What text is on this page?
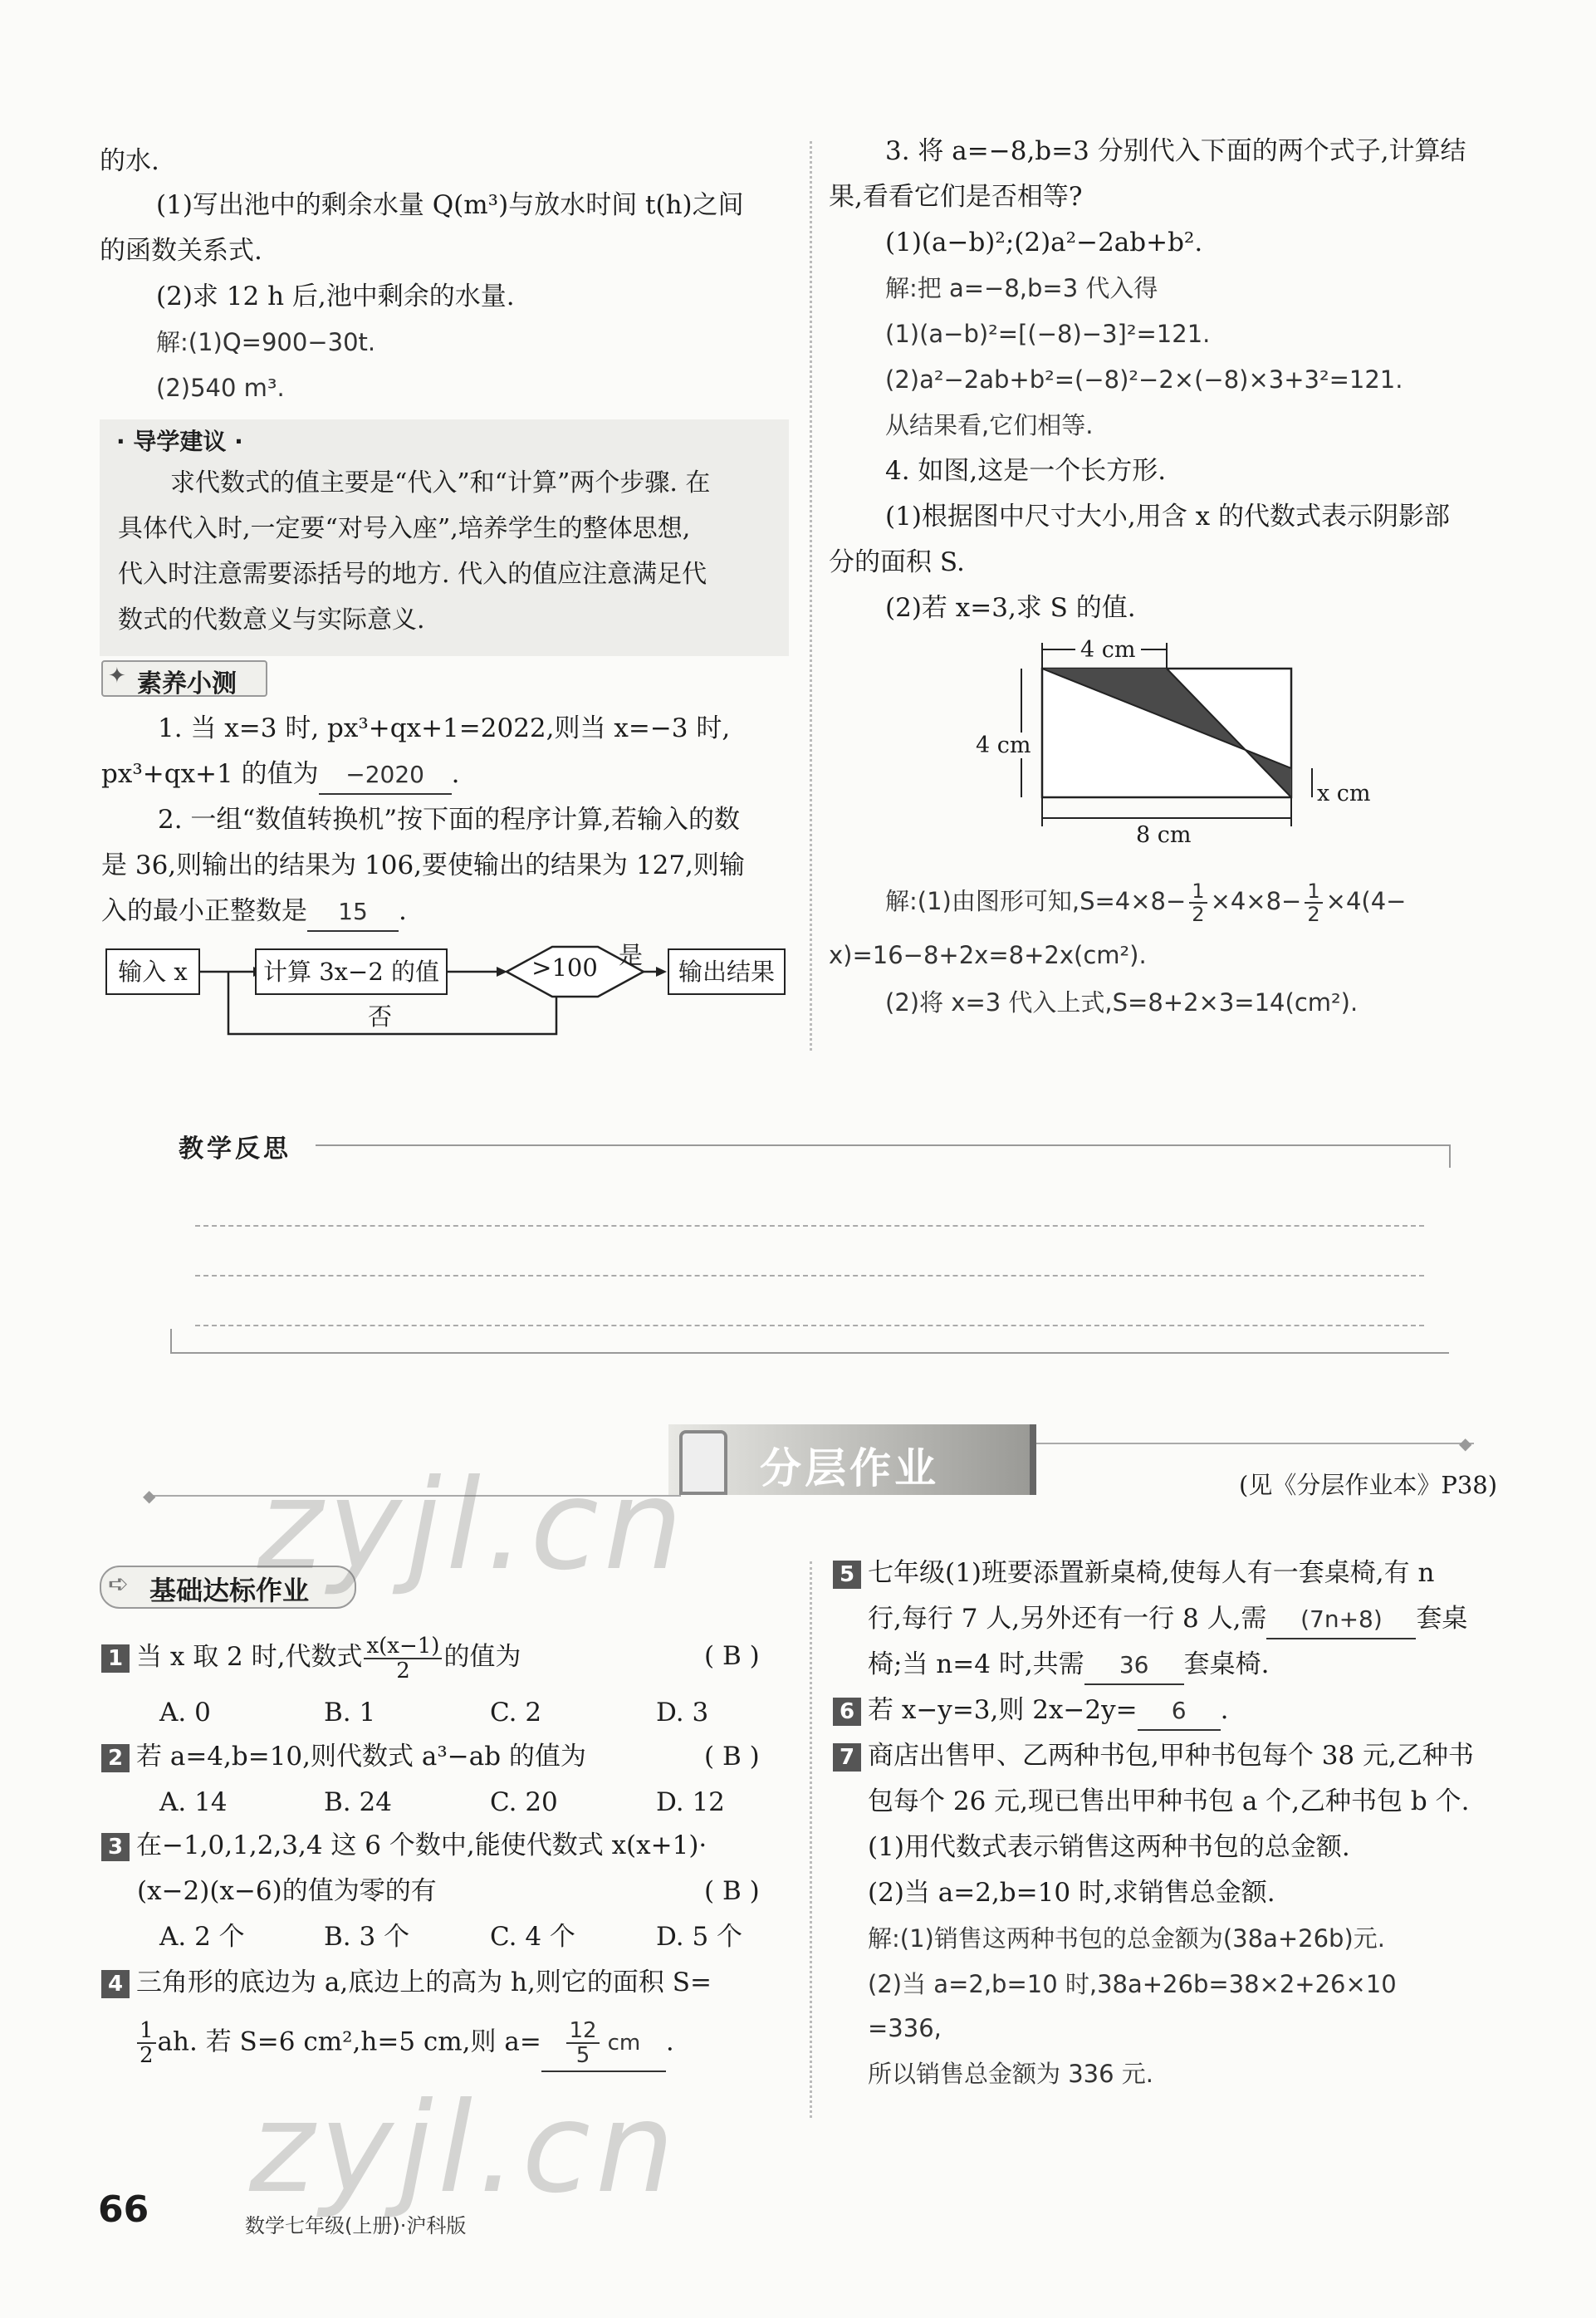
的水.
(1)写出池中的剩余水量 Q(m³)与放水时间 t(h)之间
的函数关系式.
(2)求 12 h 后,池中剩余的水量.
解:(1)Q=900−30t.
(2)540 m³.
· 导学建议 ·
求代数式的值主要是“代入”和“计算”两个步骤. 在
具体代入时,一定要“对号入座”,培养学生的整体思想,
代入时注意需要添括号的地方. 代入的值应注意满足代
数式的代数意义与实际意义.
✦ 素养小测
1. 当 x=3 时, px³+qx+1=2022,则当 x=−3 时,
px³+qx+1 的值为 −2020 .
2. 一组“数值转换机”按下面的程序计算,若输入的数
是 36,则输出的结果为 106,要使输出的结果为 127,则输
入的最小正整数是 15 .
输入 x	计算 3x−2 的值	>100 是
输出结果
否
3. 将 a=−8,b=3 分别代入下面的两个式子,计算结
果,看看它们是否相等?
(1)(a−b)²;(2)a²−2ab+b².
解:把 a=−8,b=3 代入得
(1)(a−b)²=[(−8)−3]²=121.
(2)a²−2ab+b²=(−8)²−2×(−8)×3+3²=121.
从结果看,它们相等.
4. 如图,这是一个长方形.
(1)根据图中尺寸大小,用含 x 的代数式表示阴影部
分的面积 S.
(2)若 x=3,求 S 的值.
4 cm
4 cm
x cm
8 cm
解:(1)由图形可知$,S=4\times 8- \frac{1}{2} \times 4\times 8- \frac{1}{2} \times 4(4-$
x)=16−8+2x=8+2x(cm²).
(2)将 x=3 代入上式,S=8+2×3=14(cm²).
教学反思
◆
◆
分层作业	(见《分层作业本》P38)
➪ 基础达标作业
1 当 x 取 2 时,代数式 $\frac{x(x-1)}{2}$ 的值为	( B )
A. 0	B. 1	C. 2	D. 3
2 若 a=4,b=10,则代数式 a³−ab 的值为	( B )
A. 14	B. 24	C. 20	D. 12
3 在−1,0,1,2,3,4 这 6 个数中,能使代数式 x(x+1)·
(x−2)(x−6)的值为零的有	( B )
A. 2 个	B. 3 个	C. 4 个	D. 5 个
4 三角形的底边为 a,底边上的高为 h,则它的面积 S=
$\frac{1}{2}$ ah. 若 S=6 cm²,h=5 cm,则 $a= \frac{12}{5}$ cm .
5 七年级(1)班要添置新桌椅,使每人有一套桌椅,有 n
行,每行 7 人,另外还有一行 8 人,需 (7n+8) 套桌
椅;当 n=4 时,共需 36 套桌椅.
6 若 x−y=3,则 2x−2y= 6 .
7 商店出售甲、乙两种书包,甲种书包每个 38 元,乙种书
包每个 26 元,现已售出甲种书包 a 个,乙种书包 b 个.
(1)用代数式表示销售这两种书包的总金额.
(2)当 a=2,b=10 时,求销售总金额.
解:(1)销售这两种书包的总金额为(38a+26b)元.
(2)当 a=2,b=10 时,38a+26b=38×2+26×10
=336,
所以销售总金额为 336 元.
zyjl.cn
zyjl.cn
66	数学七年级(上册)·沪科版
